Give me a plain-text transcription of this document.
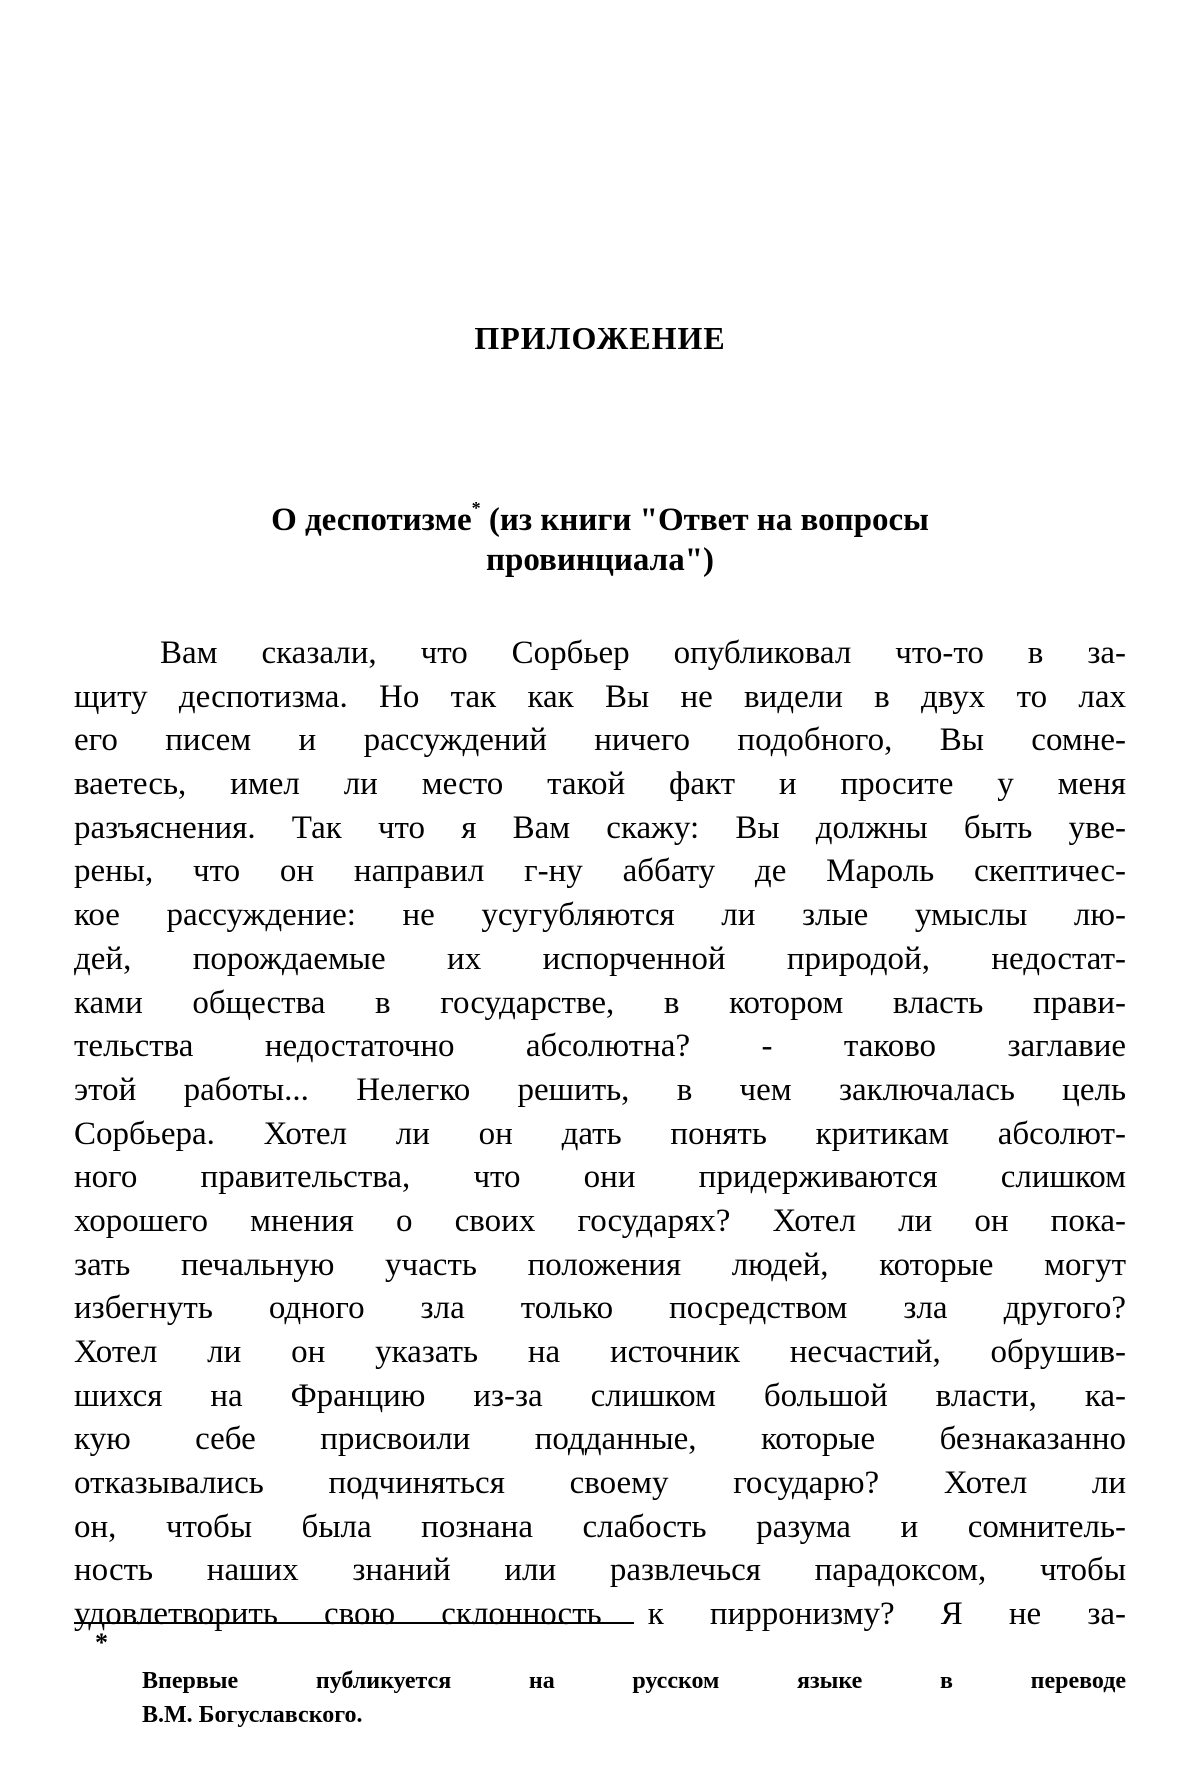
ПРИЛОЖЕНИЕ
О деспотизме* (из книги "Ответ на вопросы
провинциала")
Вам сказали, что Сорбьер опубликовал что-то в за-
щиту деспотизма. Но так как Вы не видели в двух то лах
его писем и рассуждений ничего подобного, Вы сомне-
ваетесь, имел ли место такой факт и просите у меня
разъяснения. Так что я Вам скажу: Вы должны быть уве-
рены, что он направил г-ну аббату де Мароль скептичес-
кое рассуждение: не усугубляются ли злые умыслы лю-
дей, порождаемые их испорченной природой, недостат-
ками общества в государстве, в котором власть прави-
тельства недостаточно абсолютна? - таково заглавие
этой работы... Нелегко решить, в чем заключалась цель
Сорбьера. Хотел ли он дать понять критикам абсолют-
ного правительства, что они придерживаются слишком
хорошего мнения о своих государях? Хотел ли он пока-
зать печальную участь положения людей, которые могут
избегнуть одного зла только посредством зла другого?
Хотел ли он указать на источник несчастий, обрушив-
шихся на Францию из-за слишком большой власти, ка-
кую себе присвоили подданные, которые безнаказанно
отказывались подчиняться своему государю? Хотел ли
он, чтобы была познана слабость разума и сомнитель-
ность наших знаний или развлечься парадоксом, чтобы
удовлетворить свою склонность к пирронизму? Я не за-
*
Впервые публикуется на русском языке в переводе
В.М. Богуславского.
